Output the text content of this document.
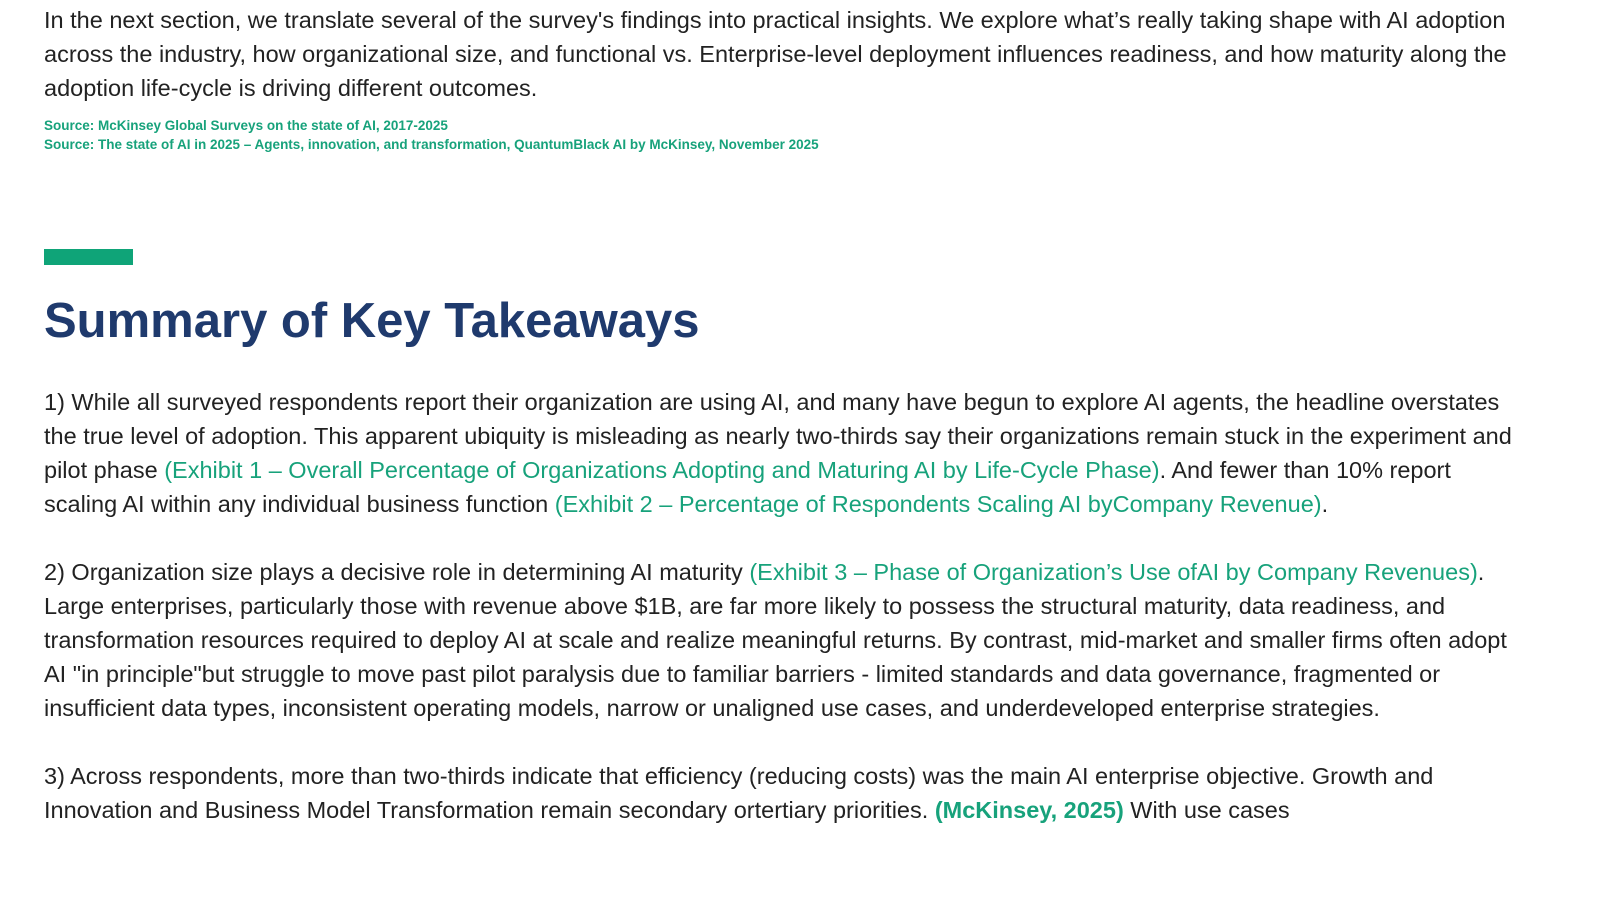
In the next section, we translate several of the survey's findings into practical insights. We explore what’s really taking shape with AI adoption across the industry, how organizational size, and functional vs. Enterprise-level deployment influences readiness, and how maturity along the adoption life-cycle is driving different outcomes.

Source: McKinsey Global Surveys on the state of AI, 2017-2025
Source: The state of AI in 2025 – Agents, innovation, and transformation, QuantumBlack AI by McKinsey, November 2025
Summary of Key Takeaways

1) While all surveyed respondents report their organization are using AI, and many have begun to explore AI agents, the headline overstates the true level of adoption. This apparent ubiquity is misleading as nearly two-thirds say their organizations remain stuck in the experiment and pilot phase (Exhibit 1 – Overall Percentage of Organizations Adopting and Maturing AI by Life-Cycle Phase). And fewer than 10% report scaling AI within any individual business function (Exhibit 2 – Percentage of Respondents Scaling AI byCompany Revenue).

2) Organization size plays a decisive role in determining AI maturity (Exhibit 3 – Phase of Organization’s Use ofAI by Company Revenues). Large enterprises, particularly those with revenue above $1B, are far more likely to possess the structural maturity, data readiness, and transformation resources required to deploy AI at scale and realize meaningful returns. By contrast, mid-market and smaller firms often adopt AI "in principle"but struggle to move past pilot paralysis due to familiar barriers - limited standards and data governance, fragmented or insufficient data types, inconsistent operating models, narrow or unaligned use cases, and underdeveloped enterprise strategies.

3) Across respondents, more than two-thirds indicate that efficiency (reducing costs) was the main AI enterprise objective. Growth and Innovation and Business Model Transformation remain secondary ortertiary priorities. (McKinsey, 2025) With use cases
